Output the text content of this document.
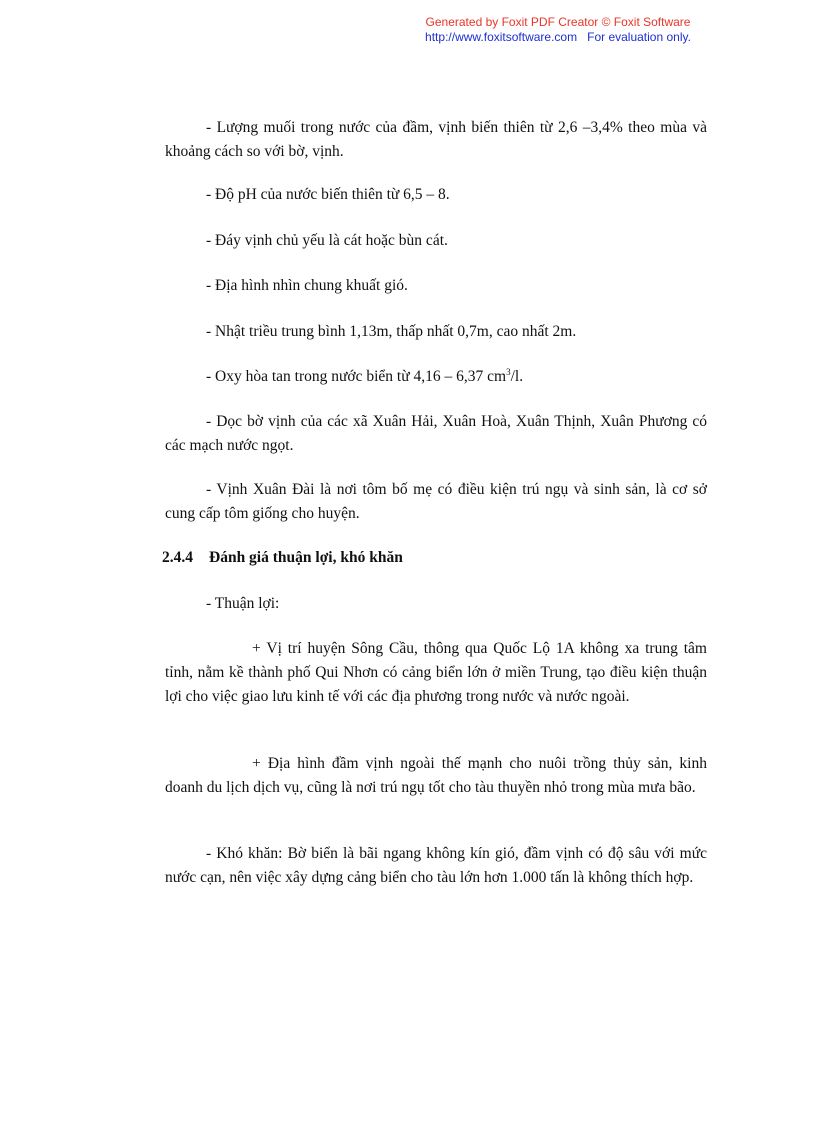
Generated by Foxit PDF Creator © Foxit Software
http://www.foxitsoftware.com For evaluation only.

- Lượng muối trong nước của đầm, vịnh biến thiên từ 2,6 –3,4% theo mùa và khoảng cách so với bờ, vịnh.

- Độ pH của nước biến thiên từ 6,5 – 8.

- Đáy vịnh chủ yếu là cát hoặc bùn cát.

- Địa hình nhìn chung khuất gió.

- Nhật triều trung bình 1,13m, thấp nhất 0,7m, cao nhất 2m.

- Oxy hòa tan trong nước biển từ 4,16 – 6,37 $cm^3/l$.

- Dọc bờ vịnh của các xã Xuân Hải, Xuân Hoà, Xuân Thịnh, Xuân Phương có các mạch nước ngọt.

- Vịnh Xuân Đài là nơi tôm bố mẹ có điều kiện trú ngụ và sinh sản, là cơ sở cung cấp tôm giống cho huyện.

2.4.4 Đánh giá thuận lợi, khó khăn

- Thuận lợi:

+ Vị trí huyện Sông Cầu, thông qua Quốc Lộ 1A không xa trung tâm tỉnh, nằm kề thành phố Qui Nhơn có cảng biển lớn ở miền Trung, tạo điều kiện thuận lợi cho việc giao lưu kinh tế với các địa phương trong nước và nước ngoài.

+ Địa hình đầm vịnh ngoài thế mạnh cho nuôi trồng thủy sản, kinh doanh du lịch dịch vụ, cũng là nơi trú ngụ tốt cho tàu thuyền nhỏ trong mùa mưa bão.

- Khó khăn: Bờ biển là bãi ngang không kín gió, đầm vịnh có độ sâu với mức nước cạn, nên việc xây dựng cảng biển cho tàu lớn hơn 1.000 tấn là không thích hợp.
